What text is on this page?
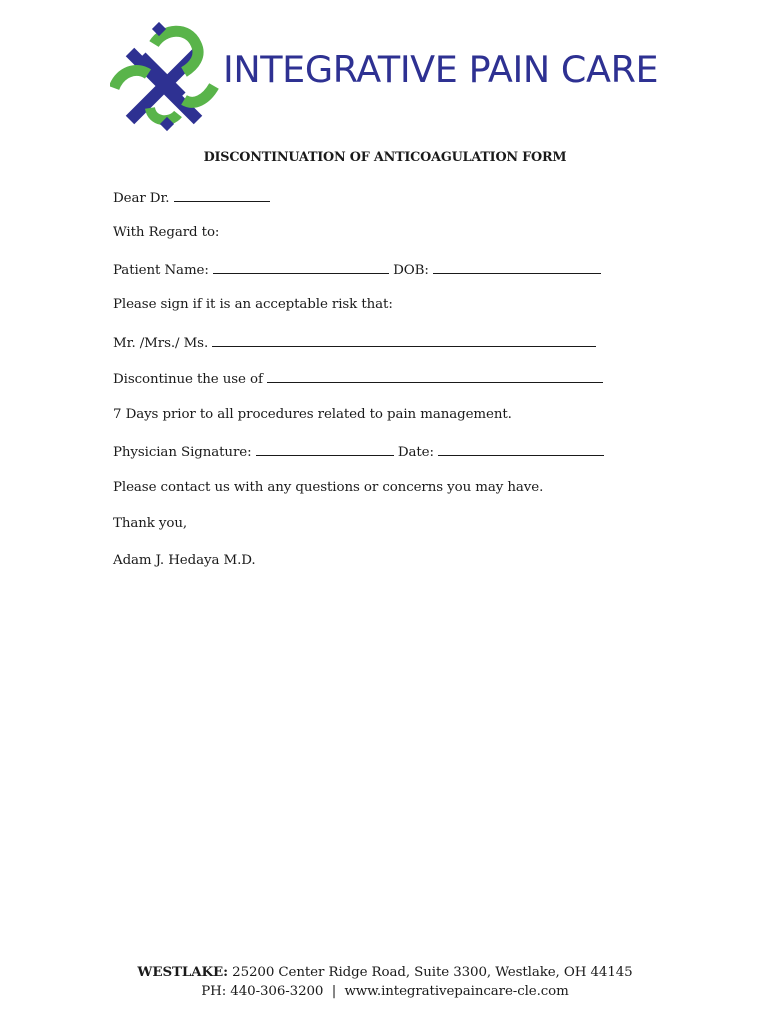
INTEGRATIVE PAIN CARE
DISCONTINUATION OF ANTICOAGULATION FORM
Dear Dr.
With Regard to:
Patient Name:	DOB:
Please sign if it is an acceptable risk that:
Mr. /Mrs./ Ms.
Discontinue the use of
7 Days prior to all procedures related to pain management.
Physician Signature:	Date:
Please contact us with any questions or concerns you may have.
Thank you,
Adam J. Hedaya M.D.
WESTLAKE: 25200 Center Ridge Road, Suite 3300, Westlake, OH 44145
PH: 440-306-3200 | www.integrativepaincare-cle.com
